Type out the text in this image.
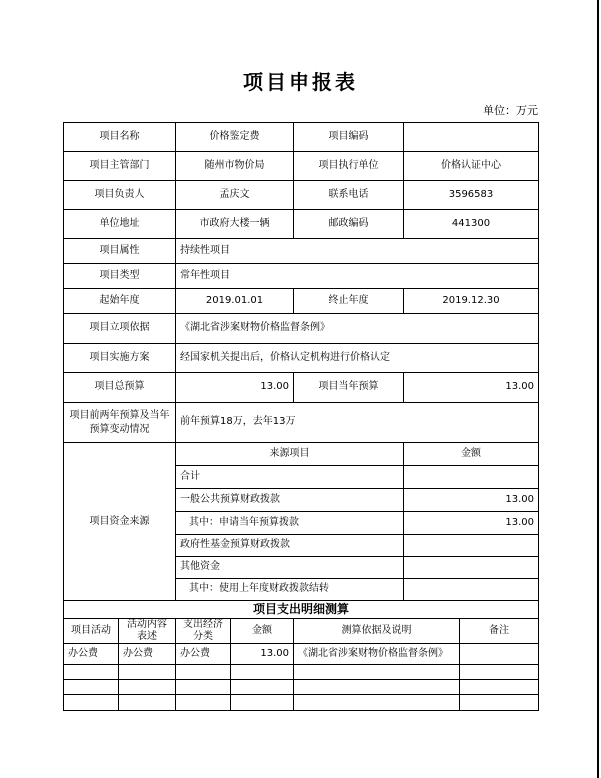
项目申报表
单位：万元
项目名称	价格鉴定费	项目编码	
项目主管部门	随州市物价局	项目执行单位	价格认证中心
项目负责人	孟庆文	联系电话	3596583
单位地址	市政府大楼一辆	邮政编码	441300
项目属性	持续性项目		
项目类型	常年性项目		
起始年度	2019.01.01	终止年度	2019.12.30
项目立项依据	《湖北省涉案财物价格监督条例》		
项目实施方案	经国家机关提出后，价格认定机构进行价格认定		
项目总预算	13.00	项目当年预算	13.00
项目前两年预算及当年预算变动情况	前年预算18万，去年13万		
项目资金来源	来源项目		金额
	合计		
	一般公共预算财政拨款		13.00
	其中：申请当年预算拨款		13.00
	政府性基金预算财政拨款		
	其他资金		
	其中：使用上年度财政拨款结转		
项目支出明细测算					
项目活动	活动内容表述	支出经济分类	金额	测算依据及说明	备注
办公费	办公费	办公费	13.00	《湖北省涉案财物价格监督条例》	
